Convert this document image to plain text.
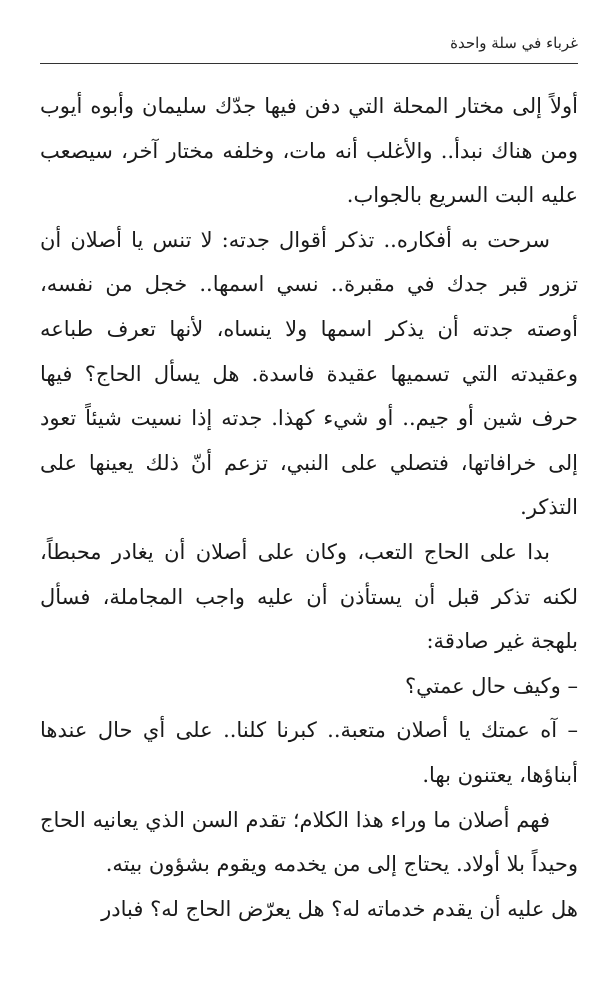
غرباء في سلة واحدة

أولاً إلى مختار المحلة التي دفن فيها جدّك سليمان وأبوه أيوب ومن هناك نبدأ.. والأغلب أنه مات، وخلفه مختار آخر، سيصعب عليه البت السريع بالجواب.

سرحت به أفكاره.. تذكر أقوال جدته: لا تنس يا أصلان أن تزور قبر جدك في مقبرة.. نسي اسمها.. خجل من نفسه، أوصته جدته أن يذكر اسمها ولا ينساه، لأنها تعرف طباعه وعقيدته التي تسميها عقيدة فاسدة. هل يسأل الحاج؟ فيها حرف شين أو جيم.. أو شيء كهذا. جدته إذا نسيت شيئاً تعود إلى خرافاتها، فتصلي على النبي، تزعم أنّ ذلك يعينها على التذكر.

بدا على الحاج التعب، وكان على أصلان أن يغادر محبطاً، لكنه تذكر قبل أن يستأذن أن عليه واجب المجاملة، فسأل بلهجة غير صادقة:

– وكيف حال عمتي؟

– آه عمتك يا أصلان متعبة.. كبرنا كلنا.. على أي حال عندها أبناؤها، يعتنون بها.

فهم أصلان ما وراء هذا الكلام؛ تقدم السن الذي يعانيه الحاج وحيداً بلا أولاد. يحتاج إلى من يخدمه ويقوم بشؤون بيته.

هل عليه أن يقدم خدماته له؟ هل يعرّض الحاج له؟ فبادر
